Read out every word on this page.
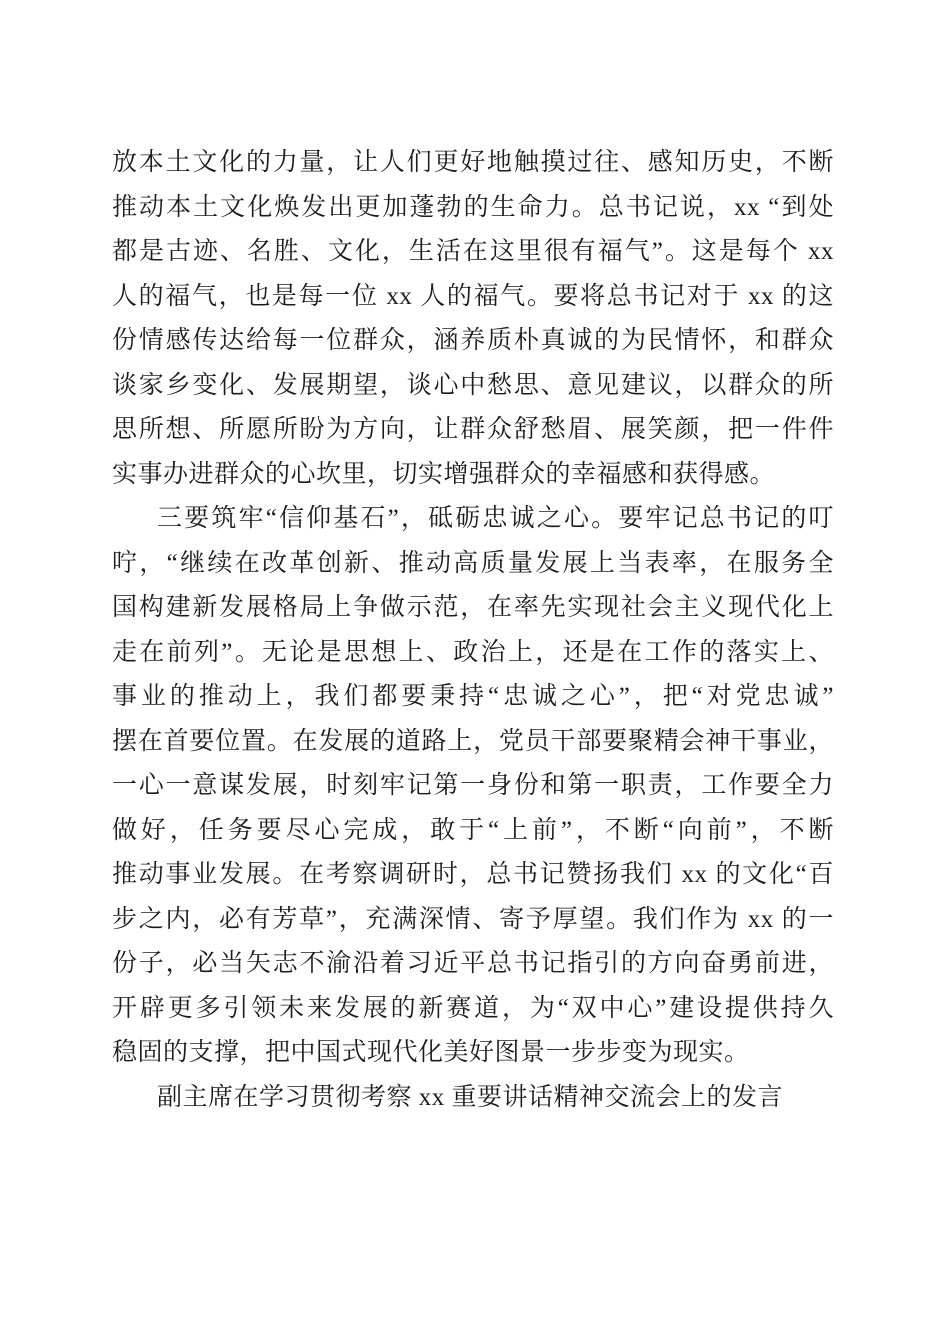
放本土文化的力量，让人们更好地触摸过往、感知历史，不断
推动本土文化焕发出更加蓬勃的生命力。总书记说，xx “到处
都是古迹、名胜、文化，生活在这里很有福气”。这是每个 xx
人的福气，也是每一位 xx 人的福气。要将总书记对于 xx 的这
份情感传达给每一位群众，涵养质朴真诚的为民情怀，和群众
谈家乡变化、发展期望，谈心中愁思、意见建议，以群众的所
思所想、所愿所盼为方向，让群众舒愁眉、展笑颜，把一件件
实事办进群众的心坎里，切实增强群众的幸福感和获得感。
三要筑牢“信仰基石”，砥砺忠诚之心。要牢记总书记的叮
咛，“继续在改革创新、推动高质量发展上当表率，在服务全
国构建新发展格局上争做示范，在率先实现社会主义现代化上
走在前列”。无论是思想上、政治上，还是在工作的落实上、
事业的推动上，我们都要秉持“忠诚之心”，把“对党忠诚”
摆在首要位置。在发展的道路上，党员干部要聚精会神干事业，
一心一意谋发展，时刻牢记第一身份和第一职责，工作要全力
做好，任务要尽心完成，敢于“上前”，不断“向前”，不断
推动事业发展。在考察调研时，总书记赞扬我们 xx 的文化“百
步之内，必有芳草”，充满深情、寄予厚望。我们作为 xx 的一
份子，必当矢志不渝沿着习近平总书记指引的方向奋勇前进，
开辟更多引领未来发展的新赛道，为“双中心”建设提供持久
稳固的支撑，把中国式现代化美好图景一步步变为现实。
副主席在学习贯彻考察 xx 重要讲话精神交流会上的发言
